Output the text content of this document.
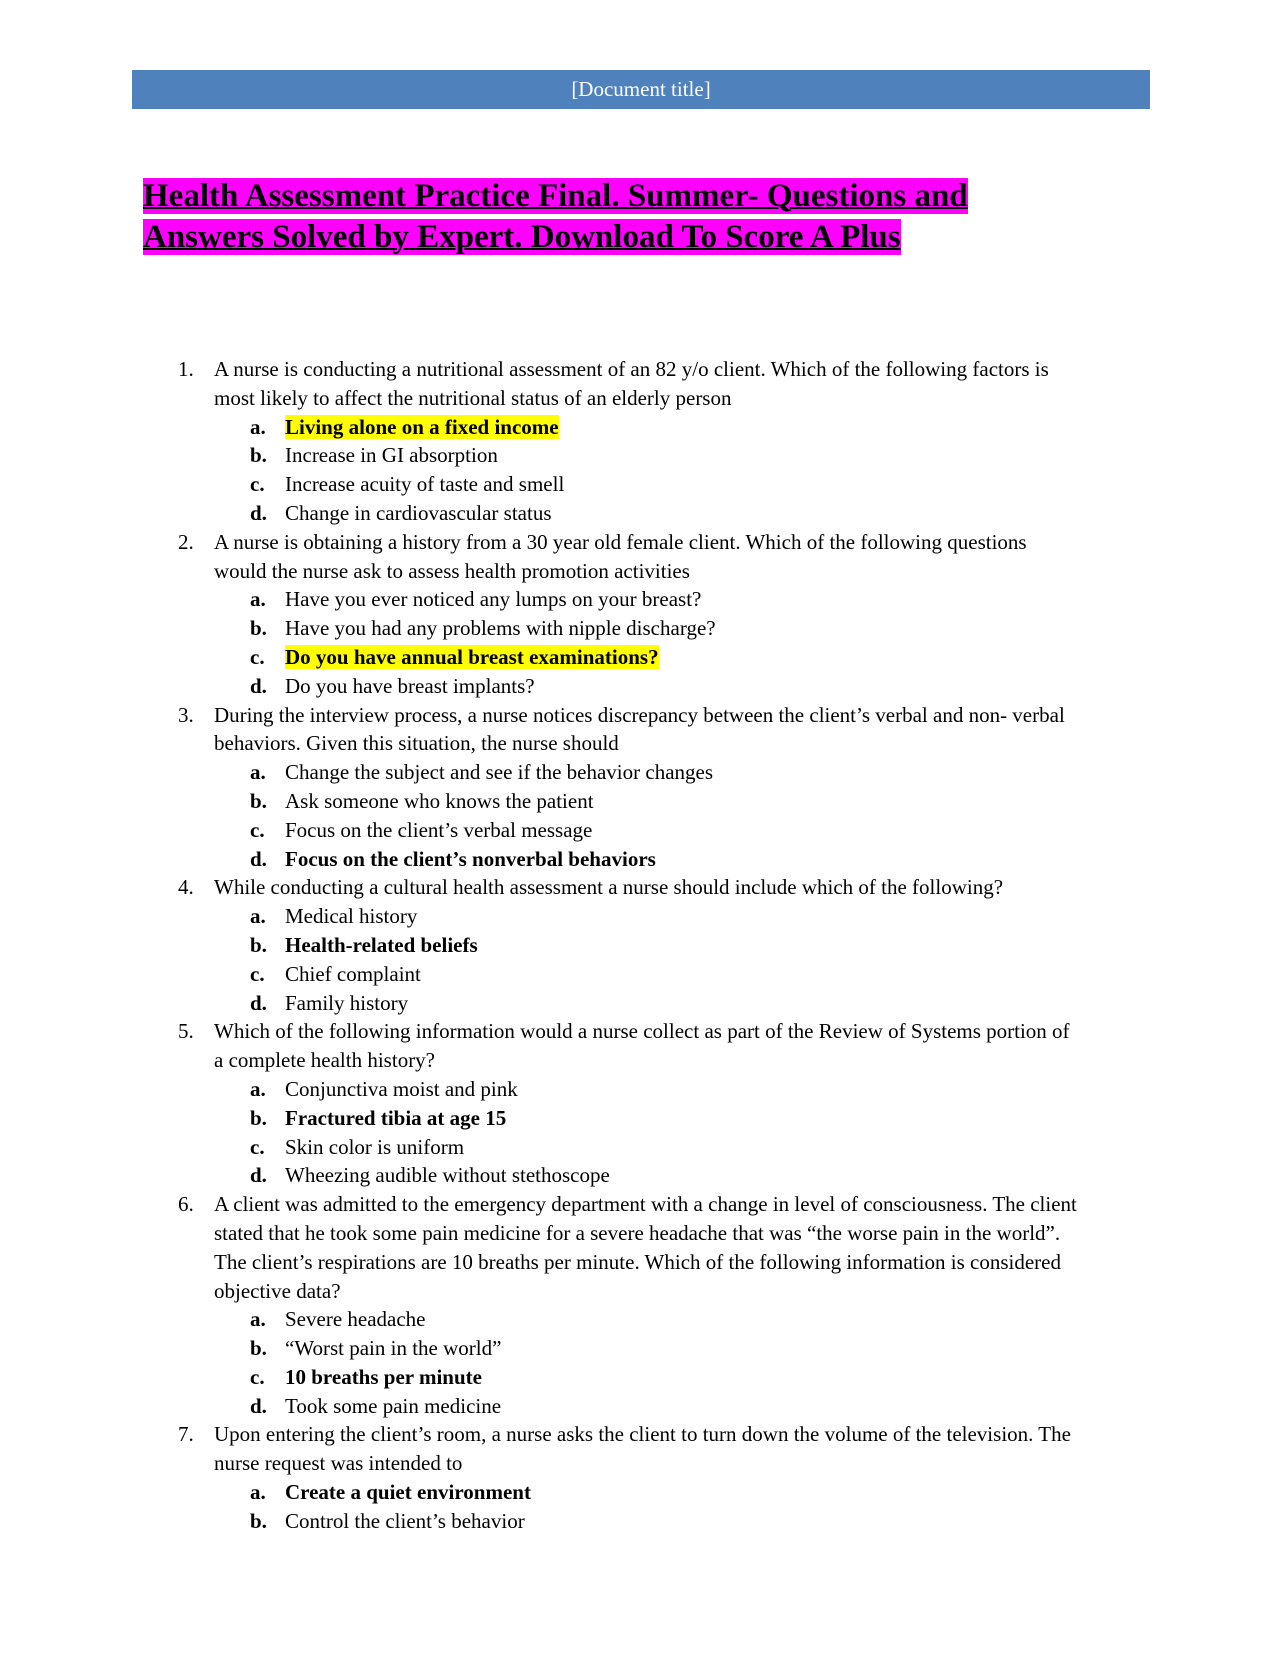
[Document title]
Health Assessment Practice Final. Summer- Questions and Answers Solved by Expert. Download To Score A Plus
1. A nurse is conducting a nutritional assessment of an 82 y/o client. Which of the following factors is most likely to affect the nutritional status of an elderly person
a. Living alone on a fixed income
b. Increase in GI absorption
c. Increase acuity of taste and smell
d. Change in cardiovascular status
2. A nurse is obtaining a history from a 30 year old female client. Which of the following questions would the nurse ask to assess health promotion activities
a. Have you ever noticed any lumps on your breast?
b. Have you had any problems with nipple discharge?
c. Do you have annual breast examinations?
d. Do you have breast implants?
3. During the interview process, a nurse notices discrepancy between the client’s verbal and non- verbal behaviors. Given this situation, the nurse should
a. Change the subject and see if the behavior changes
b. Ask someone who knows the patient
c. Focus on the client’s verbal message
d. Focus on the client’s nonverbal behaviors
4. While conducting a cultural health assessment a nurse should include which of the following?
a. Medical history
b. Health-related beliefs
c. Chief complaint
d. Family history
5. Which of the following information would a nurse collect as part of the Review of Systems portion of a complete health history?
a. Conjunctiva moist and pink
b. Fractured tibia at age 15
c. Skin color is uniform
d. Wheezing audible without stethoscope
6. A client was admitted to the emergency department with a change in level of consciousness. The client stated that he took some pain medicine for a severe headache that was “the worse pain in the world”. The client’s respirations are 10 breaths per minute. Which of the following information is considered objective data?
a. Severe headache
b. “Worst pain in the world”
c. 10 breaths per minute
d. Took some pain medicine
7. Upon entering the client’s room, a nurse asks the client to turn down the volume of the television. The nurse request was intended to
a. Create a quiet environment
b. Control the client’s behavior
